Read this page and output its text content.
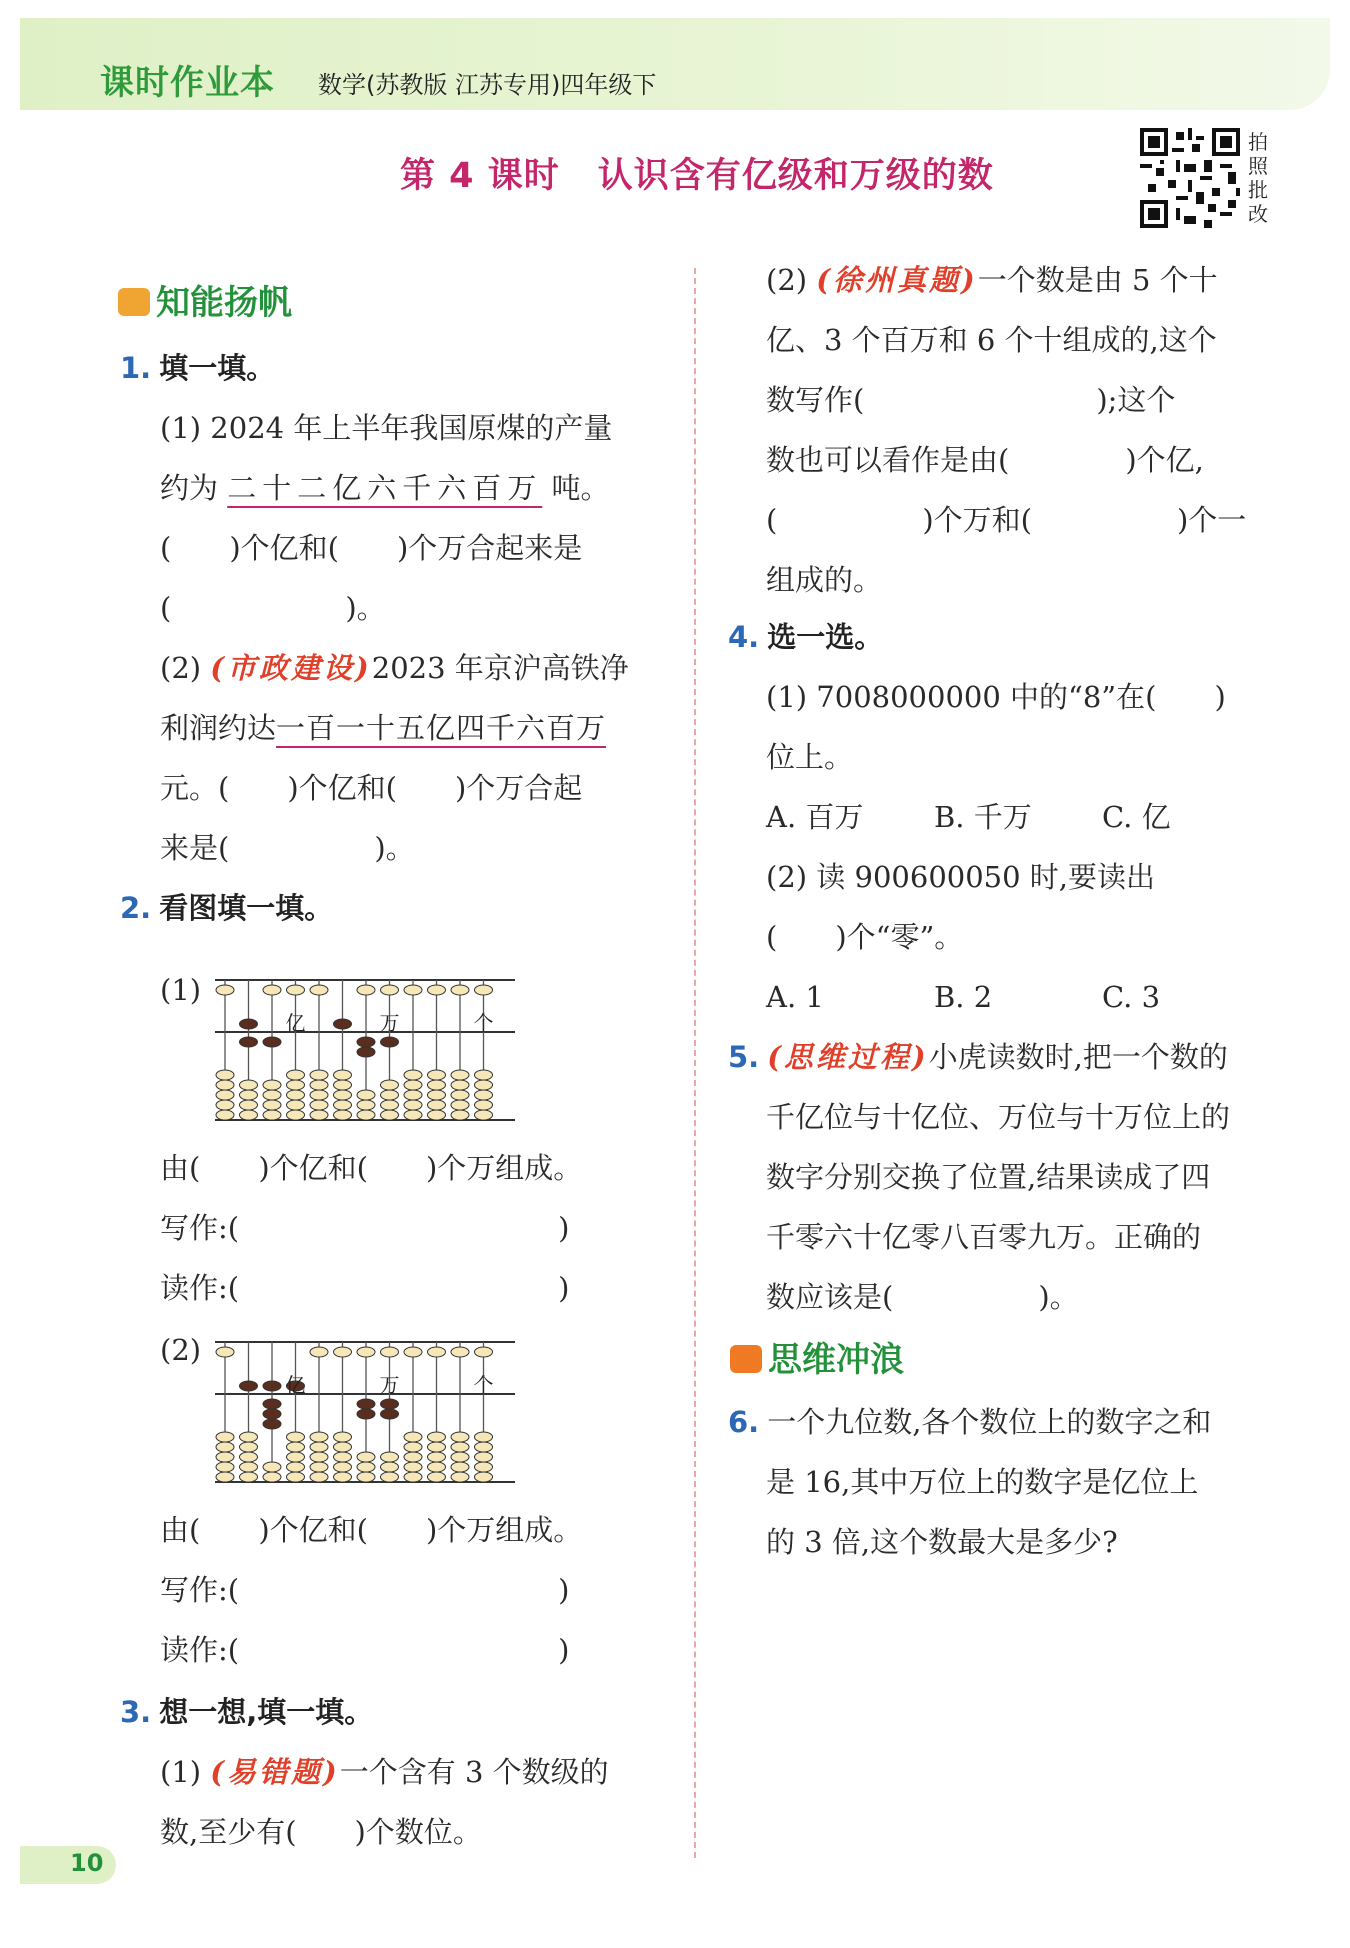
课时作业本 数学(苏教版 江苏专用)四年级下
第 4 课时 认识含有亿级和万级的数
拍照批改
知能扬帆
1. 填一填。
(1) 2024 年上半年我国原煤的产量
约为 二十二亿六千六百万 吨。
(　　)个亿和(　　)个万合起来是
(　　　　　　)。
(2) (市政建设)2023 年京沪高铁净
利润约达一百一十五亿四千六百万
元。(　　)个亿和(　　)个万合起
来是(　　　　　)。
2. 看图填一填。
(1)
亿	万	个
由(　　)个亿和(　　)个万组成。
写作:(　　　　　　　　　　　)
读作:(　　　　　　　　　　　)
(2)
亿	万	个
由(　　)个亿和(　　)个万组成。
写作:(　　　　　　　　　　　)
读作:(　　　　　　　　　　　)
3. 想一想,填一填。
(1) (易错题)一个含有 3 个数级的
数,至少有(　　)个数位。
(2) (徐州真题)一个数是由 5 个十
亿、3 个百万和 6 个十组成的,这个
数写作(　　　　　　　　);这个
数也可以看作是由(　　　　)个亿,
(　　　　　)个万和(　　　　　)个一
组成的。
4. 选一选。
(1) 7008000000 中的“8”在(　　)
位上。
A. 百万 B. 千万 C. 亿
(2) 读 900600050 时,要读出
(　　)个“零”。
A. 1	B. 2	C. 3
5. (思维过程)小虎读数时,把一个数的
千亿位与十亿位、万位与十万位上的
数字分别交换了位置,结果读成了四
千零六十亿零八百零九万。正确的
数应该是(　　　　　)。
思维冲浪
6. 一个九位数,各个数位上的数字之和
是 16,其中万位上的数字是亿位上
的 3 倍,这个数最大是多少?
10
